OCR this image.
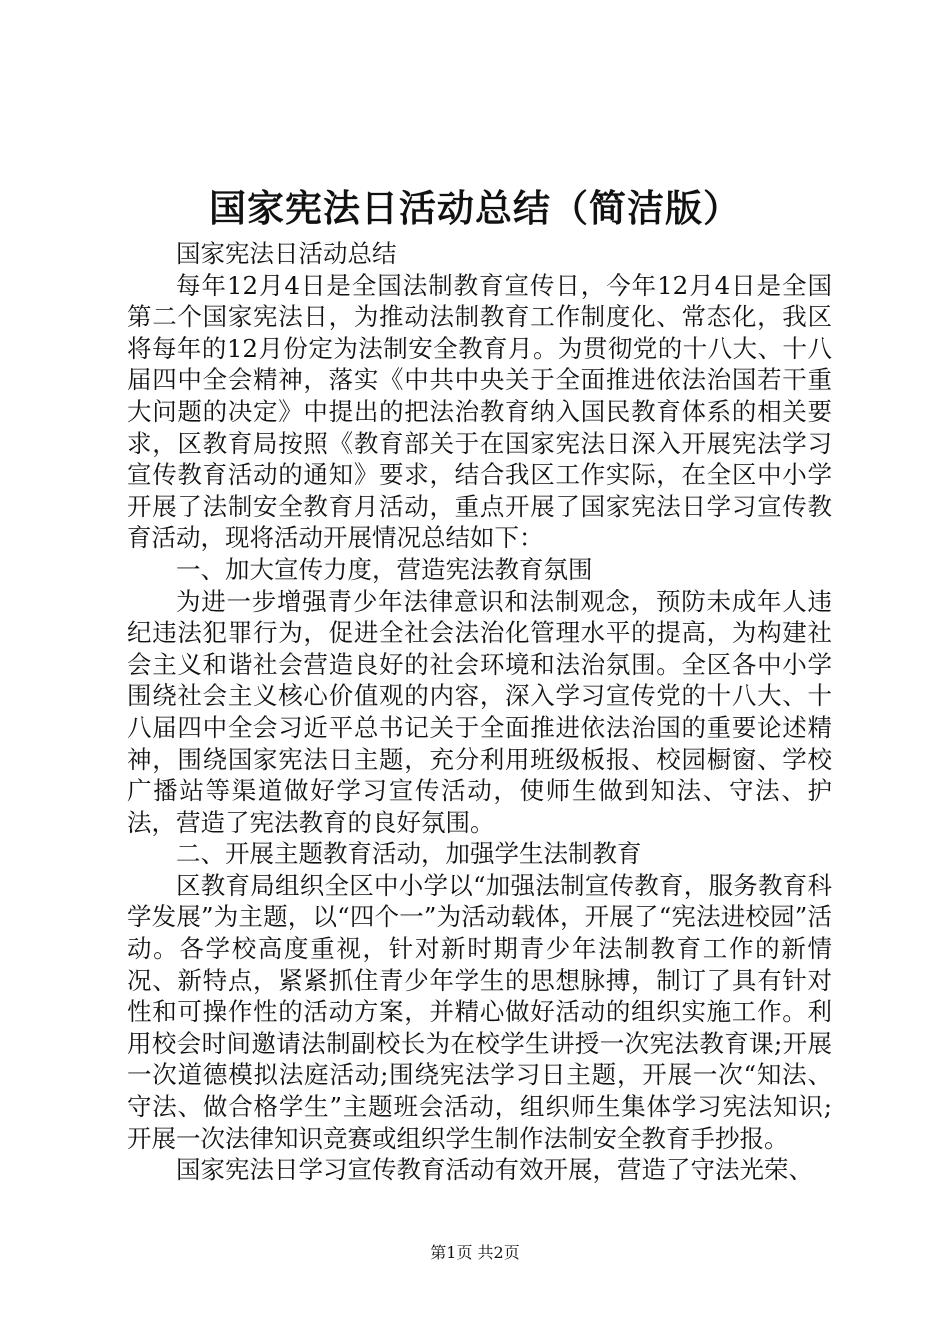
国家宪法日活动总结（简洁版）

国家宪法日活动总结

每年12月4日是全国法制教育宣传日，今年12月4日是全国第二个国家宪法日，为推动法制教育工作制度化、常态化，我区将每年的12月份定为法制安全教育月。为贯彻党的十八大、十八届四中全会精神，落实《中共中央关于全面推进依法治国若干重大问题的决定》中提出的把法治教育纳入国民教育体系的相关要求，区教育局按照《教育部关于在国家宪法日深入开展宪法学习宣传教育活动的通知》要求，结合我区工作实际，在全区中小学开展了法制安全教育月活动，重点开展了国家宪法日学习宣传教育活动，现将活动开展情况总结如下：

一、加大宣传力度，营造宪法教育氛围

为进一步增强青少年法律意识和法制观念，预防未成年人违纪违法犯罪行为，促进全社会法治化管理水平的提高，为构建社会主义和谐社会营造良好的社会环境和法治氛围。全区各中小学围绕社会主义核心价值观的内容，深入学习宣传党的十八大、十八届四中全会习近平总书记关于全面推进依法治国的重要论述精神，围绕国家宪法日主题，充分利用班级板报、校园橱窗、学校广播站等渠道做好学习宣传活动，使师生做到知法、守法、护法，营造了宪法教育的良好氛围。

二、开展主题教育活动，加强学生法制教育

区教育局组织全区中小学以“加强法制宣传教育，服务教育科学发展”为主题，以“四个一”为活动载体，开展了“宪法进校园”活动。各学校高度重视，针对新时期青少年法制教育工作的新情况、新特点，紧紧抓住青少年学生的思想脉搏，制订了具有针对性和可操作性的活动方案，并精心做好活动的组织实施工作。利用校会时间邀请法制副校长为在校学生讲授一次宪法教育课;开展一次道德模拟法庭活动;围绕宪法学习日主题，开展一次“知法、守法、做合格学生”主题班会活动，组织师生集体学习宪法知识;开展一次法律知识竞赛或组织学生制作法制安全教育手抄报。

国家宪法日学习宣传教育活动有效开展，营造了守法光荣、

第1页 共2页
